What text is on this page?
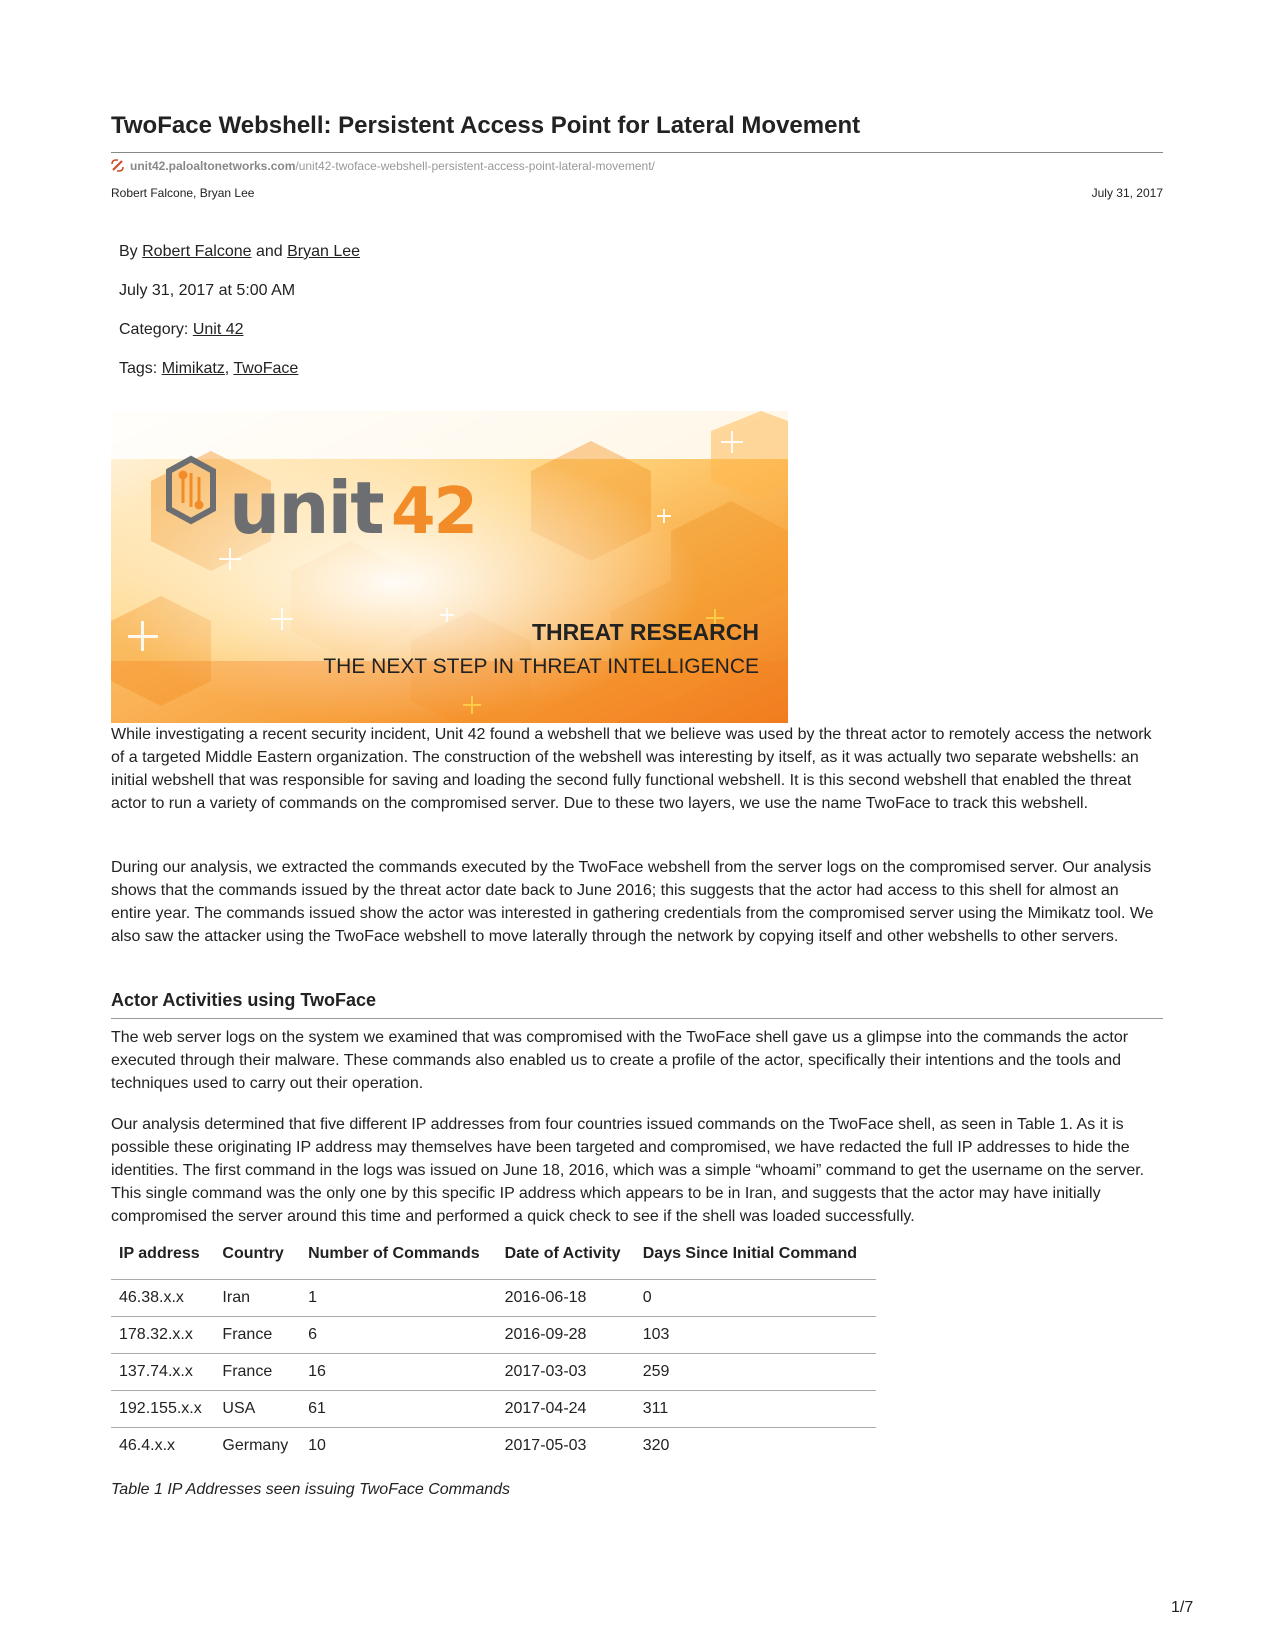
TwoFace Webshell: Persistent Access Point for Lateral Movement
unit42.paloaltonetworks.com/unit42-twoface-webshell-persistent-access-point-lateral-movement/
Robert Falcone, Bryan Lee	July 31, 2017
By Robert Falcone and Bryan Lee
July 31, 2017 at 5:00 AM
Category: Unit 42
Tags: Mimikatz, TwoFace
unit 42
THREAT RESEARCH
THE NEXT STEP IN THREAT INTELLIGENCE

While investigating a recent security incident, Unit 42 found a webshell that we believe was used by the threat actor to remotely access the network of a targeted Middle Eastern organization. The construction of the webshell was interesting by itself, as it was actually two separate webshells: an initial webshell that was responsible for saving and loading the second fully functional webshell. It is this second webshell that enabled the threat actor to run a variety of commands on the compromised server. Due to these two layers, we use the name TwoFace to track this webshell.

During our analysis, we extracted the commands executed by the TwoFace webshell from the server logs on the compromised server. Our analysis shows that the commands issued by the threat actor date back to June 2016; this suggests that the actor had access to this shell for almost an entire year. The commands issued show the actor was interested in gathering credentials from the compromised server using the Mimikatz tool. We also saw the attacker using the TwoFace webshell to move laterally through the network by copying itself and other webshells to other servers.

Actor Activities using TwoFace

The web server logs on the system we examined that was compromised with the TwoFace shell gave us a glimpse into the commands the actor executed through their malware. These commands also enabled us to create a profile of the actor, specifically their intentions and the tools and techniques used to carry out their operation.

Our analysis determined that five different IP addresses from four countries issued commands on the TwoFace shell, as seen in Table 1. As it is possible these originating IP address may themselves have been targeted and compromised, we have redacted the full IP addresses to hide the identities. The first command in the logs was issued on June 18, 2016, which was a simple “whoami” command to get the username on the server. This single command was the only one by this specific IP address which appears to be in Iran, and suggests that the actor may have initially compromised the server around this time and performed a quick check to see if the shell was loaded successfully.

IP address	Country	Number of Commands	Date of Activity	Days Since Initial Command
46.38.x.x	Iran	1	2016-06-18	0
178.32.x.x	France	6	2016-09-28	103
137.74.x.x	France	16	2017-03-03	259
192.155.x.x	USA	61	2017-04-24	311
46.4.x.x	Germany	10	2017-05-03	320

Table 1 IP Addresses seen issuing TwoFace Commands

1/7
